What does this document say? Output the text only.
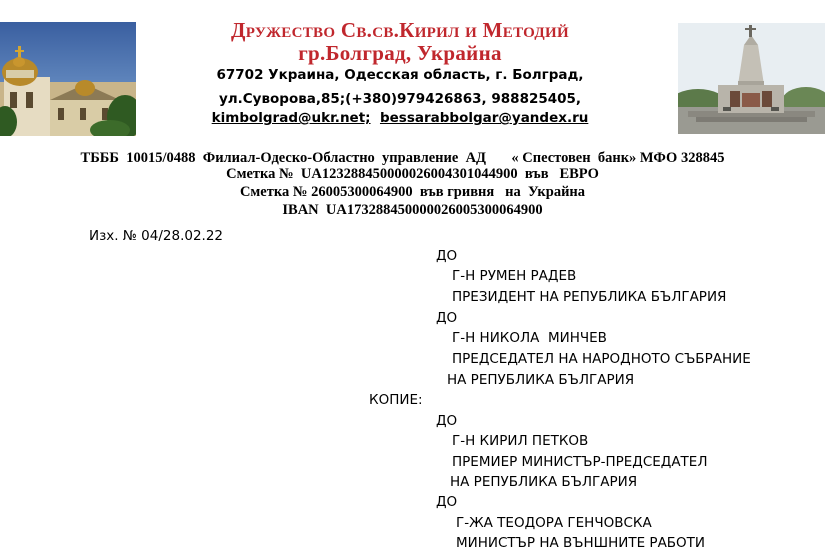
Дружество Св.св.Кирил и Методий
гр.Болград, Украйна
67702 Украина, Одесская область, г. Болград,
ул.Суворова,85;(+380)979426863, 988825405,
kimbolgrad@ukr.net; bessarabbolgar@yandex.ru
ТБББ  10015/0488  Филиал-Одеско-Областно  управление  АД       « Спестовен  банк» МФО 328845
Сметка №  UA123288450000026004301044900  във   ЕВРО
Сметка № 26005300064900  във гривня   на  Украйна
IBAN  UA173288450000026005300064900
Изх. № 04/28.02.22
ДО
Г-Н РУМЕН РАДЕВ
ПРЕЗИДЕНТ НА РЕПУБЛИКА БЪЛГАРИЯ
ДО
Г-Н НИКОЛА  МИНЧЕВ
ПРЕДСЕДАТЕЛ НА НАРОДНОТО СЪБРАНИЕ
НА РЕПУБЛИКА БЪЛГАРИЯ
КОПИЕ:
ДО
Г-Н КИРИЛ ПЕТКОВ
ПРЕМИЕР МИНИСТЪР-ПРЕДСЕДАТЕЛ
НА РЕПУБЛИКА БЪЛГАРИЯ
ДО
Г-ЖА ТЕОДОРА ГЕНЧОВСКА
МИНИСТЪР НА ВЪНШНИТЕ РАБОТИ
